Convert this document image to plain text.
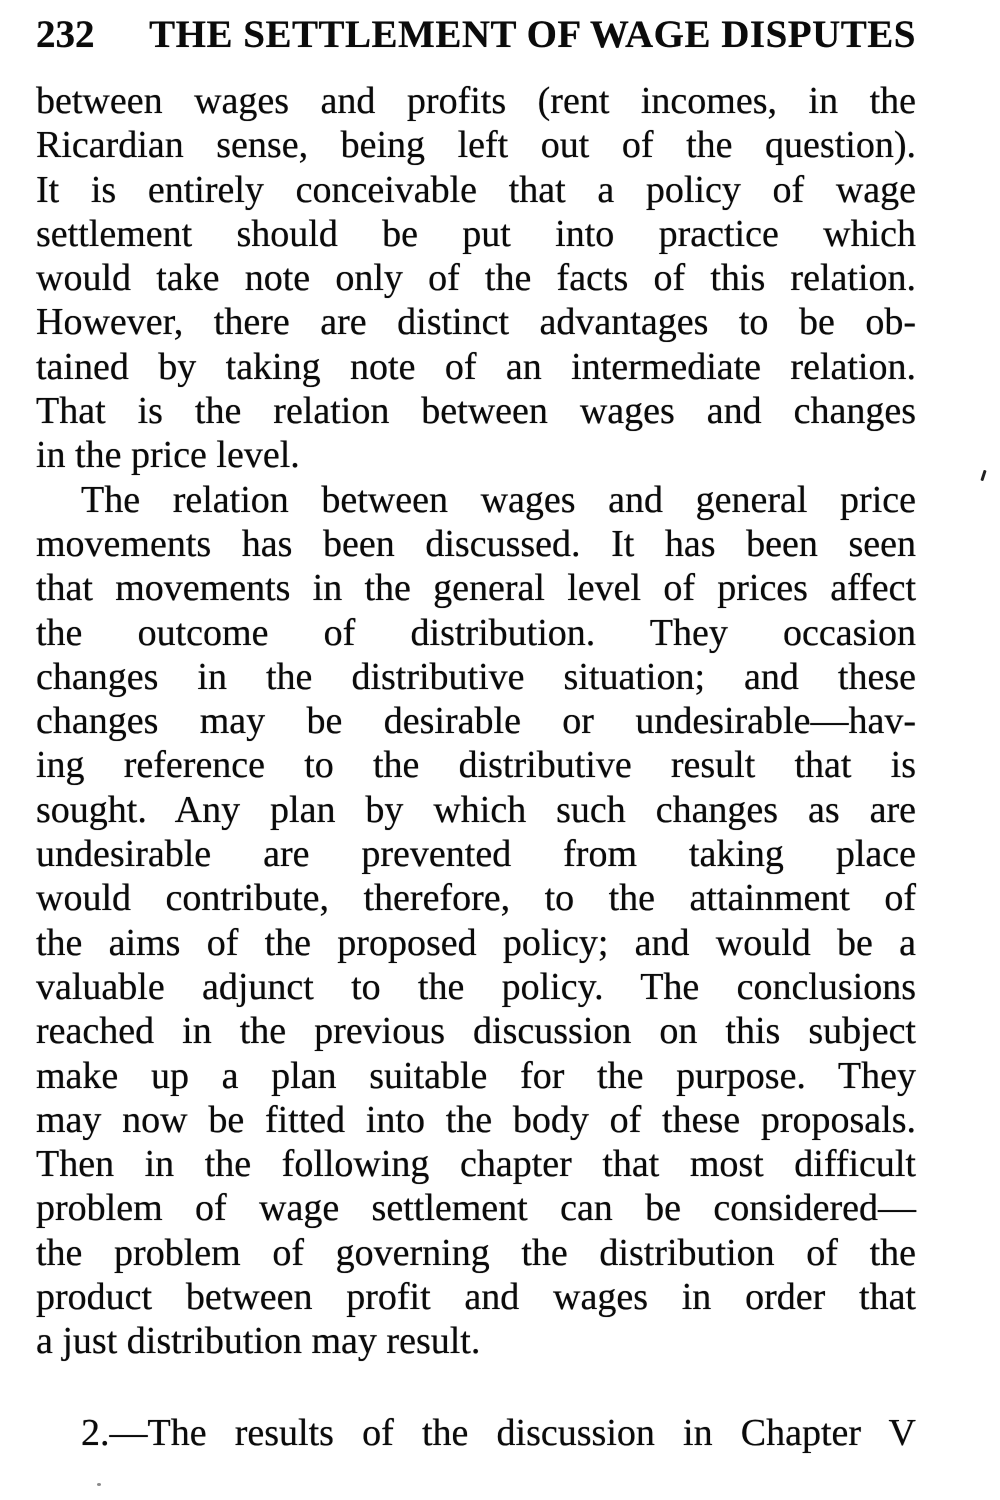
232 THE SETTLEMENT OF WAGE DISPUTES
between wages and profits (rent incomes, in the
Ricardian sense, being left out of the question).
It is entirely conceivable that a policy of wage
settlement should be put into practice which
would take note only of the facts of this relation.
However, there are distinct advantages to be ob-
tained by taking note of an intermediate relation.
That is the relation between wages and changes
in the price level.
The relation between wages and general price
movements has been discussed. It has been seen
that movements in the general level of prices affect
the outcome of distribution. They occasion
changes in the distributive situation; and these
changes may be desirable or undesirable—hav-
ing reference to the distributive result that is
sought. Any plan by which such changes as are
undesirable are prevented from taking place
would contribute, therefore, to the attainment of
the aims of the proposed policy; and would be a
valuable adjunct to the policy. The conclusions
reached in the previous discussion on this subject
make up a plan suitable for the purpose. They
may now be fitted into the body of these proposals.
Then in the following chapter that most difficult
problem of wage settlement can be considered—
the problem of governing the distribution of the
product between profit and wages in order that
a just distribution may result.
2.—The results of the discussion in Chapter V
